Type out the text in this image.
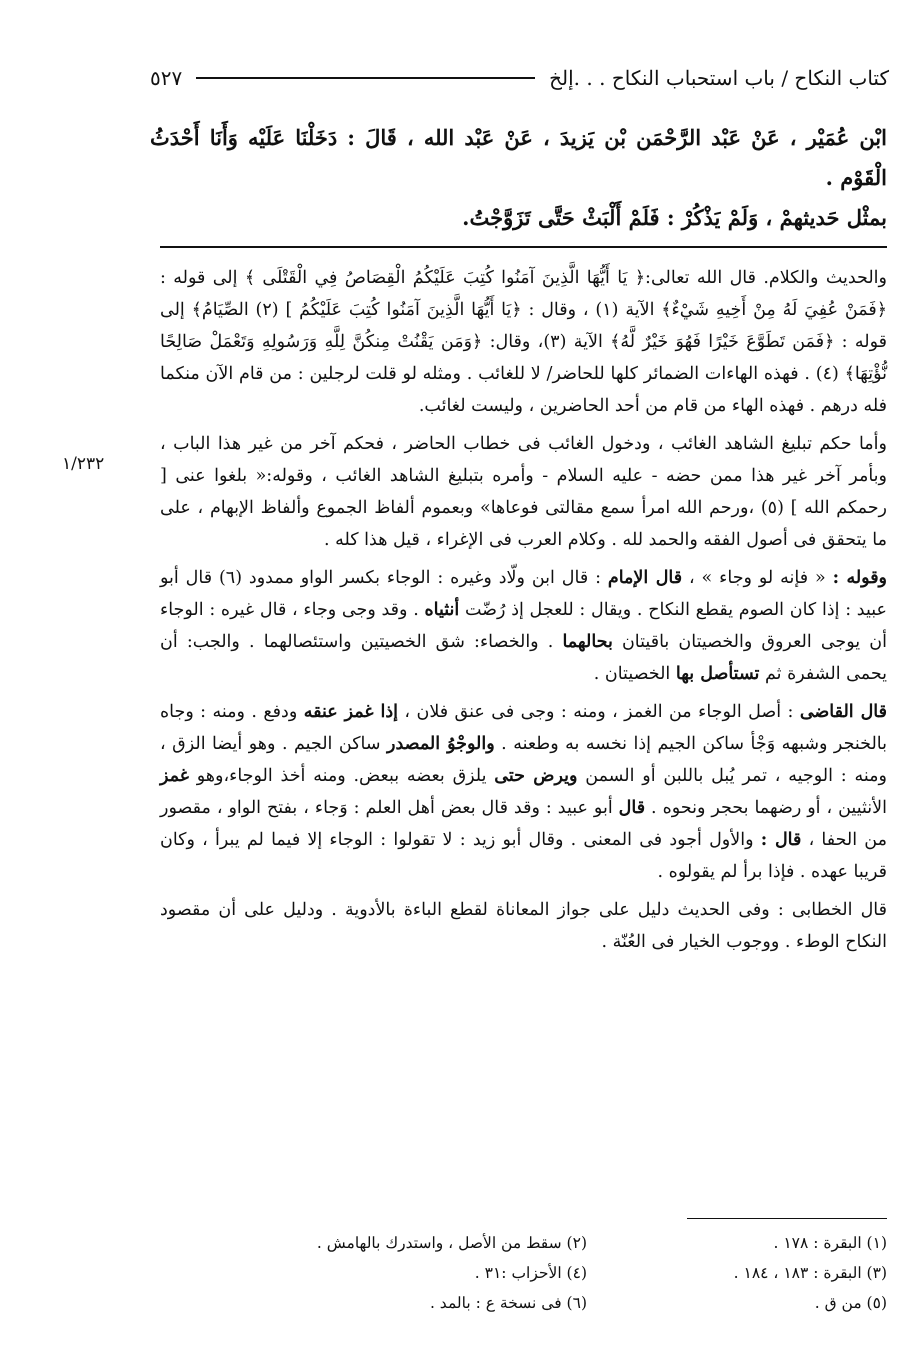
كتاب النكاح / باب استحباب النكاح . . .إلخ
٥٢٧

ابْن عُمَيْر ، عَنْ عَبْد الرَّحْمَن بْن يَزيدَ ، عَنْ عَبْد الله ، قَالَ : دَخَلْنَا عَلَيْه وَأَنَا أَحْدَثُ الْقَوْم .

بمثْل حَديثهمْ ، وَلَمْ يَذْكُرْ : فَلَمْ أَلْبَثْ حَتَّى تَزَوَّجْتُ.

١/٢٣٢

والحديث والكلام. قال الله تعالى:﴿ يَا أَيُّهَا الَّذِينَ آمَنُوا كُتِبَ عَلَيْكُمُ الْقِصَاصُ فِي الْقَتْلَى ﴾ إلى قوله : ﴿فَمَنْ عُفِيَ لَهُ مِنْ أَخِيهِ شَيْءٌ﴾ الآية (١) ، وقال : ﴿يَا أَيُّهَا الَّذِينَ آمَنُوا كُتِبَ عَلَيْكُمُ ] (٢) الصِّيَامُ﴾ إلى قوله : ﴿فَمَن تَطَوَّعَ خَيْرًا فَهُوَ خَيْرٌ لَّهُ﴾ الآية (٣)، وقال: ﴿وَمَن يَقْنُتْ مِنكُنَّ لِلَّهِ وَرَسُولِهِ وَتَعْمَلْ صَالِحًا نُّؤْتِهَا﴾ (٤) . فهذه الهاءات الضمائر كلها للحاضر/ لا للغائب . ومثله لو قلت لرجلين : من قام الآن منكما فله درهم . فهذه الهاء من قام من أحد الحاضرين ، وليست لغائب.

وأما حكم تبليغ الشاهد الغائب ، ودخول الغائب فى خطاب الحاضر ، فحكم آخر من غير هذا الباب ، وبأمر آخر غير هذا ممن حضه - عليه السلام - وأمره بتبليغ الشاهد الغائب ، وقوله:« بلغوا عنى [ رحمكم الله ] (٥) ،ورحم الله امرأ سمع مقالتى فوعاها» وبعموم ألفاظ الجموع وألفاظ الإبهام ، على ما يتحقق فى أصول الفقه والحمد لله . وكلام العرب فى الإغراء ، قيل هذا كله .

وقوله : « فإنه لو وجاء » ، قال الإمام : قال ابن ولّاد وغيره : الوجاء بكسر الواو ممدود (٦) قال أبو عبيد : إذا كان الصوم يقطع النكاح . ويقال : للعجل إذ رُضّت أنثياه . وقد وجى وجاء ، قال غيره : الوجاء أن يوجى العروق والخصيتان باقيتان بحالهما . والخصاء: شق الخصيتين واستئصالهما . والجب: أن يحمى الشفرة ثم تستأصل بها الخصيتان .

قال القاضى : أصل الوجاء من الغمز ، ومنه : وجى فى عنق فلان ، إذا غمز عنقه ودفع . ومنه : وجاه بالخنجر وشبهه وَجْأ ساكن الجيم إذا نخسه به وطعنه . والوجْوُ المصدر ساكن الجيم . وهو أيضا الزق ، ومنه : الوجيه ، تمر يُبل باللبن أو السمن ويرض حتى يلزق بعضه ببعض. ومنه أخذ الوجاء،وهو غمز الأنثيين ، أو رضهما بحجر ونحوه . قال أبو عبيد : وقد قال بعض أهل العلم : وَجاء ، بفتح الواو ، مقصور من الحفا ، قال : والأول أجود فى المعنى . وقال أبو زيد : لا تقولوا : الوجاء إلا فيما لم يبرأ ، وكان قريبا عهده . فإذا برأ لم يقولوه .

قال الخطابى : وفى الحديث دليل على جواز المعاناة لقطع الباءة بالأدوية . ودليل على أن مقصود النكاح الوطء . ووجوب الخيار فى العُنّة .

(١) البقرة : ١٧٨ .
(٢) سقط من الأصل ، واستدرك بالهامش .
(٣) البقرة : ١٨٣ ، ١٨٤ .
(٤) الأحزاب :٣١ .
(٥) من ق .
(٦) فى نسخة ع : بالمد .
